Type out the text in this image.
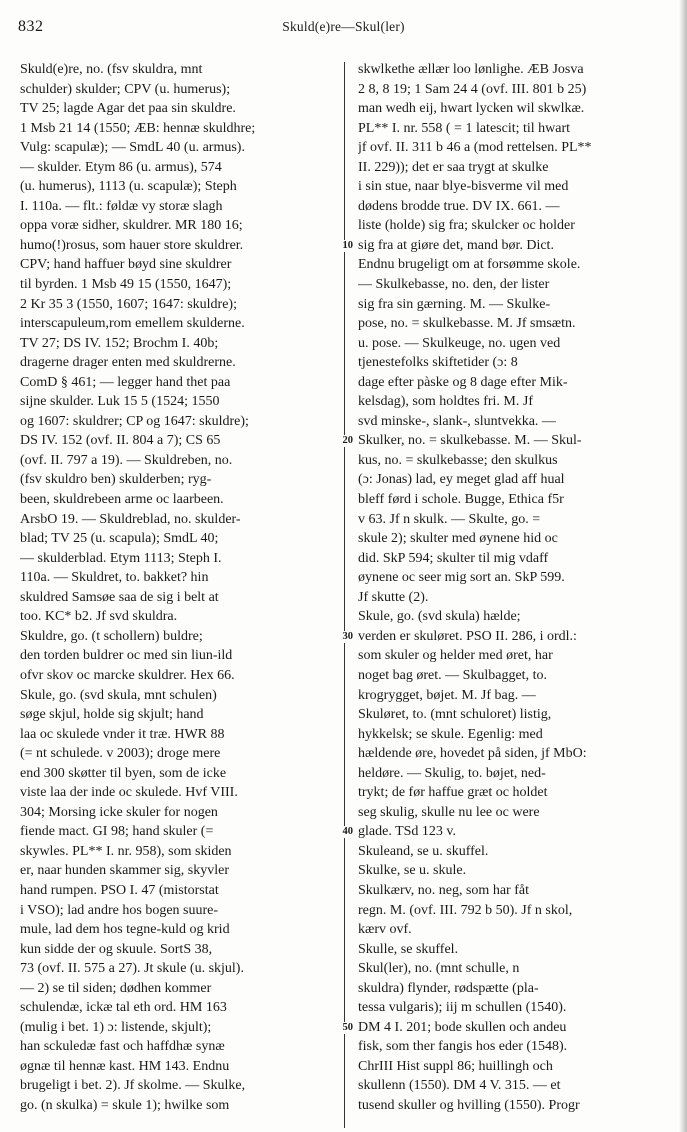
832	Skuld(e)re—Skul(ler)
Skuld(e)re, no. (fsv skuldra, mnt
schulder) skulder; CPV (u. humerus);
TV 25; lagde Agar det paa sin skuldre.
1 Msb 21 14 (1550; ÆB: hennæ skuldhre;
Vulg: scapulæ); — SmdL 40 (u. armus).
— skulder. Etym 86 (u. armus), 574
(u. humerus), 1113 (u. scapulæ); Steph
I. 110a. — flt.: føldæ vy storæ slagh
oppa voræ sidher, skuldrer. MR 180 16;
humo(!)rosus, som hauer store skuldrer.
CPV; hand haffuer bøyd sine skuldrer
til byrden. 1 Msb 49 15 (1550, 1647);
2 Kr 35 3 (1550, 1607; 1647: skuldre);
interscapuleum,rom emellem skulderne.
TV 27; DS IV. 152; Brochm I. 40b;
dragerne drager enten med skuldrerne.
ComD § 461; — legger hand thet paa
sijne skulder. Luk 15 5 (1524; 1550
og 1607: skuldrer; CP og 1647: skuldre);
DS IV. 152 (ovf. II. 804 a 7); CS 65
(ovf. II. 797 a 19). — Skuldreben, no.
(fsv skuldro ben) skulderben; ryg-
been, skuldrebeen arme oc laarbeen.
ArsbO 19. — Skuldreblad, no. skulder-
blad; TV 25 (u. scapula); SmdL 40;
— skulderblad. Etym 1113; Steph I.
110a. — Skuldret, to. bakket? hin
skuldred Samsøe saa de sig i belt at
too. KC* b2. Jf svd skuldra.
Skuldre, go. (t schollern) buldre;
den torden buldrer oc med sin liun-ild
ofvr skov oc marcke skuldrer. Hex 66.
Skule, go. (svd skula, mnt schulen)
søge skjul, holde sig skjult; hand
laa oc skulede vnder it træ. HWR 88
(= nt schulede. v 2003); droge mere
end 300 skøtter til byen, som de icke
viste laa der inde oc skulede. Hvf VIII.
304; Morsing icke skuler for nogen
fiende mact. GI 98; hand skuler (=
skywles. PL** I. nr. 958), som skiden
er, naar hunden skammer sig, skyvler
hand rumpen. PSO I. 47 (mistorstat
i VSO); lad andre hos bogen suure-
mule, lad dem hos tegne-kuld og krid
kun sidde der og skuule. SortS 38,
73 (ovf. II. 575 a 27). Jt skule (u. skjul).
— 2) se til siden; dødhen kommer
schulendæ, ickæ tal eth ord. HM 163
(mulig i bet. 1) ɔ: listende, skjult);
han sckuledæ fast och haffdhæ synæ
øgnæ til hennæ kast. HM 143. Endnu
brugeligt i bet. 2). Jf skolme. — Skulke,
go. (n skulka) = skule 1); hwilke som
skwlkethe ællær loo lønlighe. ÆB Josva
2 8, 8 19; 1 Sam 24 4 (ovf. III. 801 b 25)
man wedh eij, hwart lycken wil skwlkæ.
PL** I. nr. 558 ( = 1 latescit; til hwart
jf ovf. II. 311 b 46 a (mod rettelsen. PL**
II. 229)); det er saa trygt at skulke
i sin stue, naar blye-bisverme vil med
dødens brodde true. DV IX. 661. —
liste (holde) sig fra; skulcker oc holder
sig fra at giøre det, mand bør. Dict.
Endnu brugeligt om at forsømme skole.
— Skulkebasse, no. den, der lister
sig fra sin gærning. M. — Skulke-
pose, no. = skulkebasse. M. Jf smsætn.
u. pose. — Skulkeuge, no. ugen ved
tjenestefolks skiftetider (ɔ: 8
dage efter pàske og 8 dage efter Mik-
kelsdag), som holdtes fri. M. Jf
svd minske-, slank-, sluntvekka. —
Skulker, no. = skulkebasse. M. — Skul-
kus, no. = skulkebasse; den skulkus
(ɔ: Jonas) lad, ey meget glad aff hual
bleff førd i schole. Bugge, Ethica f5r
v 63. Jf n skulk. — Skulte, go. =
skule 2); skulter med øynene hid oc
did. SkP 594; skulter til mig vdaff
øynene oc seer mig sort an. SkP 599.
Jf skutte (2).
Skule, go. (svd skula) hælde;
verden er skuløret. PSO II. 286, i ordl.:
som skuler og helder med øret, har
noget bag øret. — Skulbagget, to.
krogrygget, bøjet. M. Jf bag. —
Skuløret, to. (mnt schuloret) listig,
hykkelsk; se skule. Egenlig: med
hældende øre, hovedet på siden, jf MbO:
heldøre. — Skulig, to. bøjet, ned-
trykt; de før haffue græt oc holdet
seg skulig, skulle nu lee oc were
glade. TSd 123 v.
Skuleand, se u. skuffel.
Skulke, se u. skule.
Skulkærv, no. neg, som har fåt
regn. M. (ovf. III. 792 b 50). Jf n skol,
kærv ovf.
Skulle, se skuffel.
Skul(ler), no. (mnt schulle, n
skuldra) flynder, rødspætte (pla-
tessa vulgaris); iij m schullen (1540).
DM 4 I. 201; bode skullen och andeu
fisk, som ther fangis hos eder (1548).
ChrIII Hist suppl 86; huillingh och
skullenn (1550). DM 4 V. 315. — et
tusend skuller og hvilling (1550). Progr
10
20
30
40
50
